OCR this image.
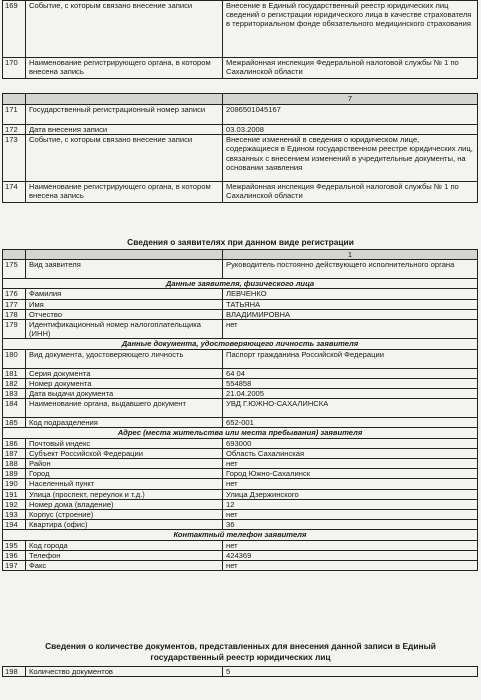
169	Событие, с которым связано внесение записи	Внесение в Единый государственный реестр юридических лиц сведений о регистрации юридического лица в качестве страхователя в территориальном фонде обязательного медицинского страхования
170	Наименование регистрирующего органа, в котором внесена запись	Межрайонная инспекция Федеральной налоговой службы № 1 по Сахалинской области
		7
171	Государственный регистрационный номер записи	2086501045167
172	Дата внесения записи	03.03.2008
173	Событие, с которым связано внесение записи	Внесение изменений в сведения о юридическом лице, содержащиеся в Едином государственном реестре юридических лиц, связанных с внесением изменений в учредительные документы, на основании заявления
174	Наименование регистрирующего органа, в котором внесена запись	Межрайонная инспекция Федеральной налоговой службы № 1 по Сахалинской области
Сведения о заявителях при данном виде регистрации
		1
175	Вид заявителя	Руководитель постоянно действующего исполнительного органа
Данные заявителя, физического лица		
176	Фамилия	ЛЕВЧЕНКО
177	Имя	ТАТЬЯНА
178	Отчество	ВЛАДИМИРОВНА
179	Идентификационный номер налогоплательщика (ИНН)	нет
Данные документа, удостоверяющего личность заявителя		
180	Вид документа, удостоверяющего личность	Паспорт гражданина Российской Федерации
181	Серия документа	64 04
182	Номер документа	554858
183	Дата выдачи документа	21.04.2005
184	Наименование органа, выдавшего документ	УВД Г.ЮЖНО-САХАЛИНСКА
185	Код подразделения	652-001
Адрес (места жительства или места пребывания) заявителя		
186	Почтовый индекс	693000
187	Субъект Российской Федерации	Область Сахалинская
188	Район	нет
189	Город	Город Южно-Сахалинск
190	Населенный пункт	нет
191	Улица (проспект, переулок и т.д.)	Улица Дзержинского
192	Номер дома (владение)	12
193	Корпус (строение)	нет
194	Квартира (офис)	36
Контактный телефон заявителя		
195	Код города	нет
196	Телефон	424369
197	Факс	нет
Сведения о количестве документов, представленных для внесения данной записи в Единый
государственный реестр юридических лиц
198	Количество документов	5
